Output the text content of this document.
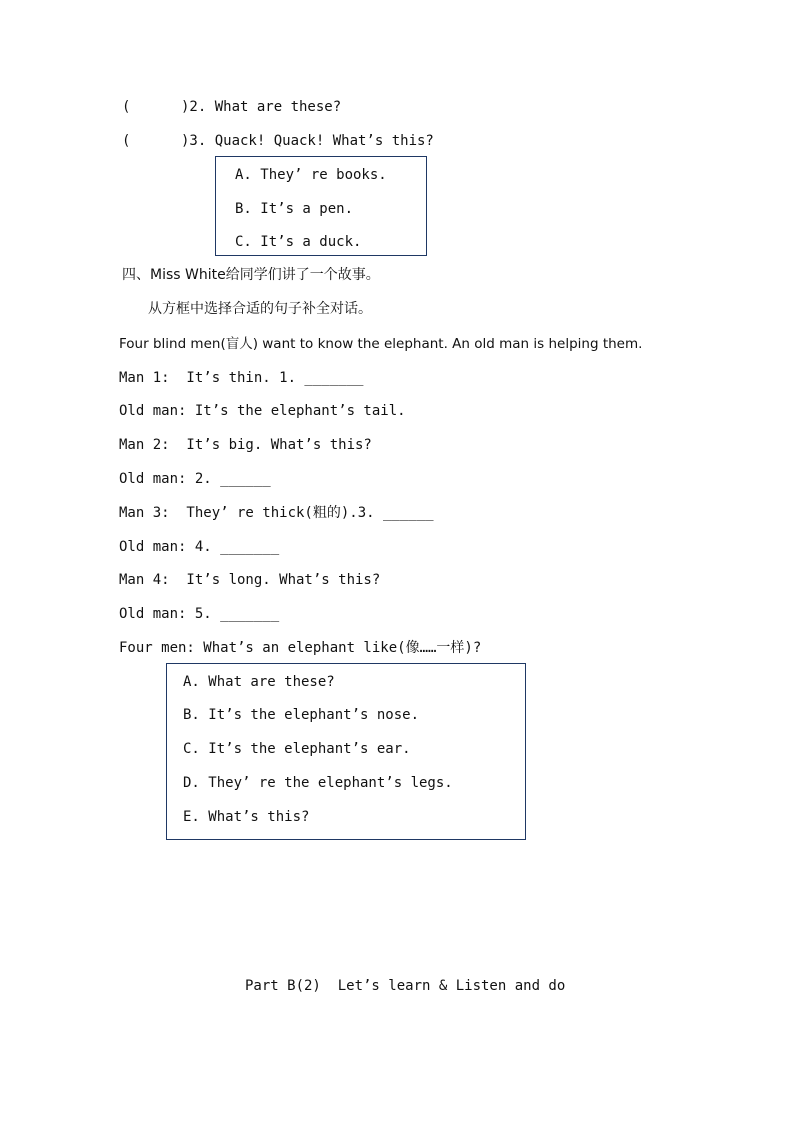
(      )2. What are these?
(      )3. Quack! Quack! What’s this?
A. They’ re books.
B. It’s a pen.
C. It’s a duck.
四、Miss White给同学们讲了一个故事。
从方框中选择合适的句子补全对话。
Four blind men(盲人) want to know the elephant. An old man is helping them.
Man 1:  It’s thin. 1. _______
Old man: It’s the elephant’s tail.
Man 2:  It’s big. What’s this?
Old man: 2. ______
Man 3:  They’ re thick(粗的).3. ______
Old man: 4. _______
Man 4:  It’s long. What’s this?
Old man: 5. _______
Four men: What’s an elephant like(像……一样)?
A. What are these?
B. It’s the elephant’s nose.
C. It’s the elephant’s ear.
D. They’ re the elephant’s legs.
E. What’s this?
Part B(2)  Let’s learn & Listen and do
